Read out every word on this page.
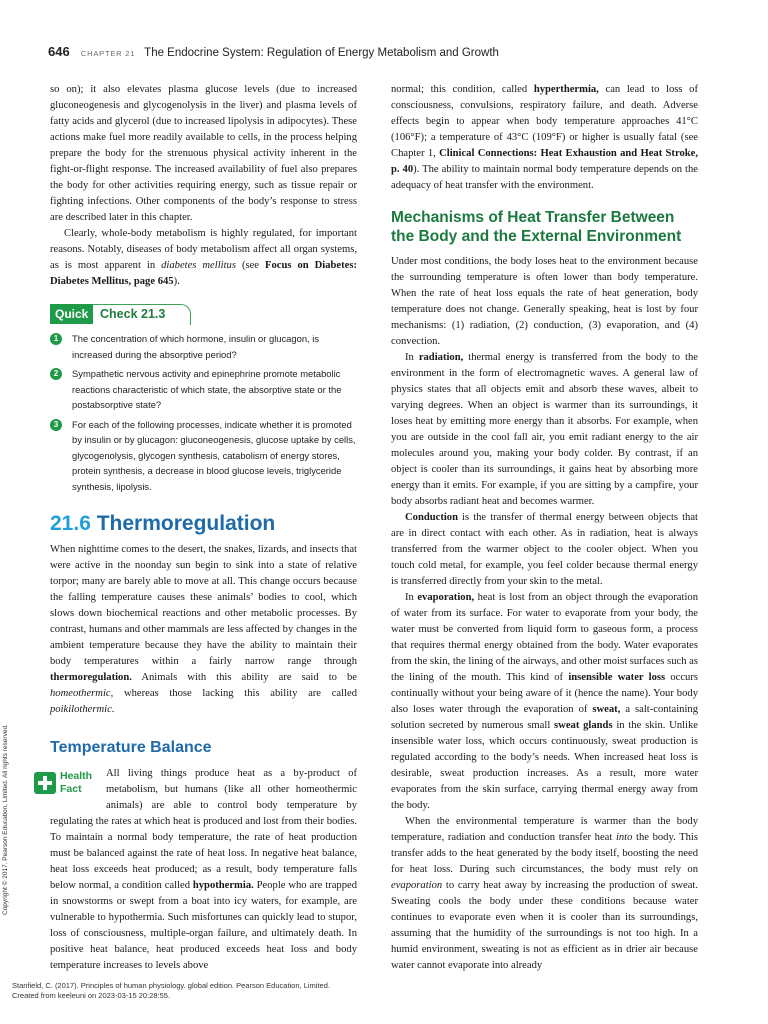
646 CHAPTER 21 The Endocrine System: Regulation of Energy Metabolism and Growth

so on); it also elevates plasma glucose levels (due to increased gluconeogenesis and glycogenolysis in the liver) and plasma levels of fatty acids and glycerol (due to increased lipolysis in adipocytes). These actions make fuel more readily available to cells, in the process helping prepare the body for the strenuous physical activity inherent in the fight-or-flight response. The increased availability of fuel also prepares the body for other activities requiring energy, such as tissue repair or fighting infections. Other components of the body’s response to stress are described later in this chapter.

Clearly, whole-body metabolism is highly regulated, for important reasons. Notably, diseases of body metabolism affect all organ systems, as is most apparent in diabetes mellitus (see Focus on Diabetes: Diabetes Mellitus, page 645).

Quick Check 21.3
1	The concentration of which hormone, insulin or glucagon, is increased during the absorptive period?
2	Sympathetic nervous activity and epinephrine promote metabolic reactions characteristic of which state, the absorptive state or the postabsorptive state?
3	For each of the following processes, indicate whether it is promoted by insulin or by glucagon: gluconeogenesis, glucose uptake by cells, glycogenolysis, glycogen synthesis, catabolism of energy stores, protein synthesis, a decrease in blood glucose levels, triglyceride synthesis, lipolysis.
21.6 Thermoregulation

When nighttime comes to the desert, the snakes, lizards, and insects that were active in the noonday sun begin to sink into a state of relative torpor; many are barely able to move at all. This change occurs because the falling temperature causes these animals’ bodies to cool, which slows down biochemical reactions and other metabolic processes. By contrast, humans and other mammals are less affected by changes in the ambient temperature because they have the ability to maintain their body temperatures within a fairly narrow range through thermoregulation. Animals with this ability are said to be homeothermic, whereas those lacking this ability are called poikilothermic.

Temperature Balance

Health
Fact
All living things produce heat as a by-product of metabolism, but humans (like all other homeothermic animals) are able to control body temperature by regulating the rates at which heat is produced and lost from their bodies. To maintain a normal body temperature, the rate of heat production must be balanced against the rate of heat loss. In negative heat balance, heat loss exceeds heat produced; as a result, body temperature falls below normal, a condition called hypothermia. People who are trapped in snowstorms or swept from a boat into icy waters, for example, are vulnerable to hypothermia. Such misfortunes can quickly lead to stupor, loss of consciousness, multiple-organ failure, and ultimately death. In positive heat balance, heat produced exceeds heat loss and body temperature increases to levels above

normal; this condition, called hyperthermia, can lead to loss of consciousness, convulsions, respiratory failure, and death. Adverse effects begin to appear when body temperature approaches 41°C (106°F); a temperature of 43°C (109°F) or higher is usually fatal (see Chapter 1, Clinical Connections: Heat Exhaustion and Heat Stroke, p. 40). The ability to maintain normal body temperature depends on the adequacy of heat transfer with the environment.

Mechanisms of Heat Transfer Between the Body and the External Environment

Under most conditions, the body loses heat to the environment because the surrounding temperature is often lower than body temperature. When the rate of heat loss equals the rate of heat generation, body temperature does not change. Generally speaking, heat is lost by four mechanisms: (1) radiation, (2) conduction, (3) evaporation, and (4) convection.

In radiation, thermal energy is transferred from the body to the environment in the form of electromagnetic waves. A general law of physics states that all objects emit and absorb these waves, albeit to varying degrees. When an object is warmer than its surroundings, it loses heat by emitting more energy than it absorbs. For example, when you are outside in the cool fall air, you emit radiant energy to the air molecules around you, making your body colder. By contrast, if an object is cooler than its surroundings, it gains heat by absorbing more energy than it emits. For example, if you are sitting by a campfire, your body absorbs radiant heat and becomes warmer.

Conduction is the transfer of thermal energy between objects that are in direct contact with each other. As in radiation, heat is always transferred from the warmer object to the cooler object. When you touch cold metal, for example, you feel colder because thermal energy is transferred directly from your skin to the metal.

In evaporation, heat is lost from an object through the evaporation of water from its surface. For water to evaporate from your body, the water must be converted from liquid form to gaseous form, a process that requires thermal energy obtained from the body. Water evaporates from the skin, the lining of the airways, and other moist surfaces such as the lining of the mouth. This kind of insensible water loss occurs continually without your being aware of it (hence the name). Your body also loses water through the evaporation of sweat, a salt-containing solution secreted by numerous small sweat glands in the skin. Unlike insensible water loss, which occurs continuously, sweat production is regulated according to the body’s needs. When increased heat loss is desirable, sweat production increases. As a result, more water evaporates from the skin surface, carrying thermal energy away from the body.

When the environmental temperature is warmer than the body temperature, radiation and conduction transfer heat into the body. This transfer adds to the heat generated by the body itself, boosting the need for heat loss. During such circumstances, the body must rely on evaporation to carry heat away by increasing the production of sweat. Sweating cools the body under these conditions because water continues to evaporate even when it is cooler than its surroundings, assuming that the humidity of the surroundings is not too high. In a humid environment, sweating is not as efficient as in drier air because water cannot evaporate into already

Copyright © 2017. Pearson Education, Limited. All rights reserved.
Stanfield, C. (2017). Principles of human physiology. global edition. Pearson Education, Limited.
Created from keeleuni on 2023-03-15 20:28:55.
